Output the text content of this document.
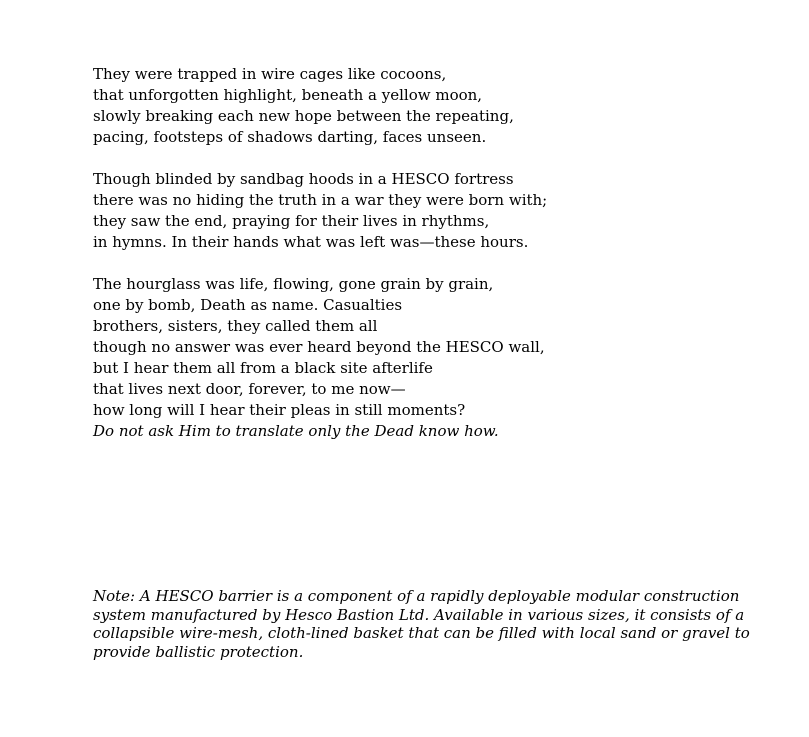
They were trapped in wire cages like cocoons,
that unforgotten highlight, beneath a yellow moon,
slowly breaking each new hope between the repeating,
pacing, footsteps of shadows darting, faces unseen.
Though blinded by sandbag hoods in a HESCO fortress
there was no hiding the truth in a war they were born with;
they saw the end, praying for their lives in rhythms,
in hymns. In their hands what was left was—these hours.
The hourglass was life, flowing, gone grain by grain,
one by bomb, Death as name. Casualties
brothers, sisters, they called them all
though no answer was ever heard beyond the HESCO wall,
but I hear them all from a black site afterlife
that lives next door, forever, to me now—
how long will I hear their pleas in still moments?
Do not ask Him to translate only the Dead know how.
Note: A HESCO barrier is a component of a rapidly deployable modular construction
system manufactured by Hesco Bastion Ltd. Available in various sizes, it consists of a
collapsible wire-mesh, cloth-lined basket that can be filled with local sand or gravel to
provide ballistic protection.
